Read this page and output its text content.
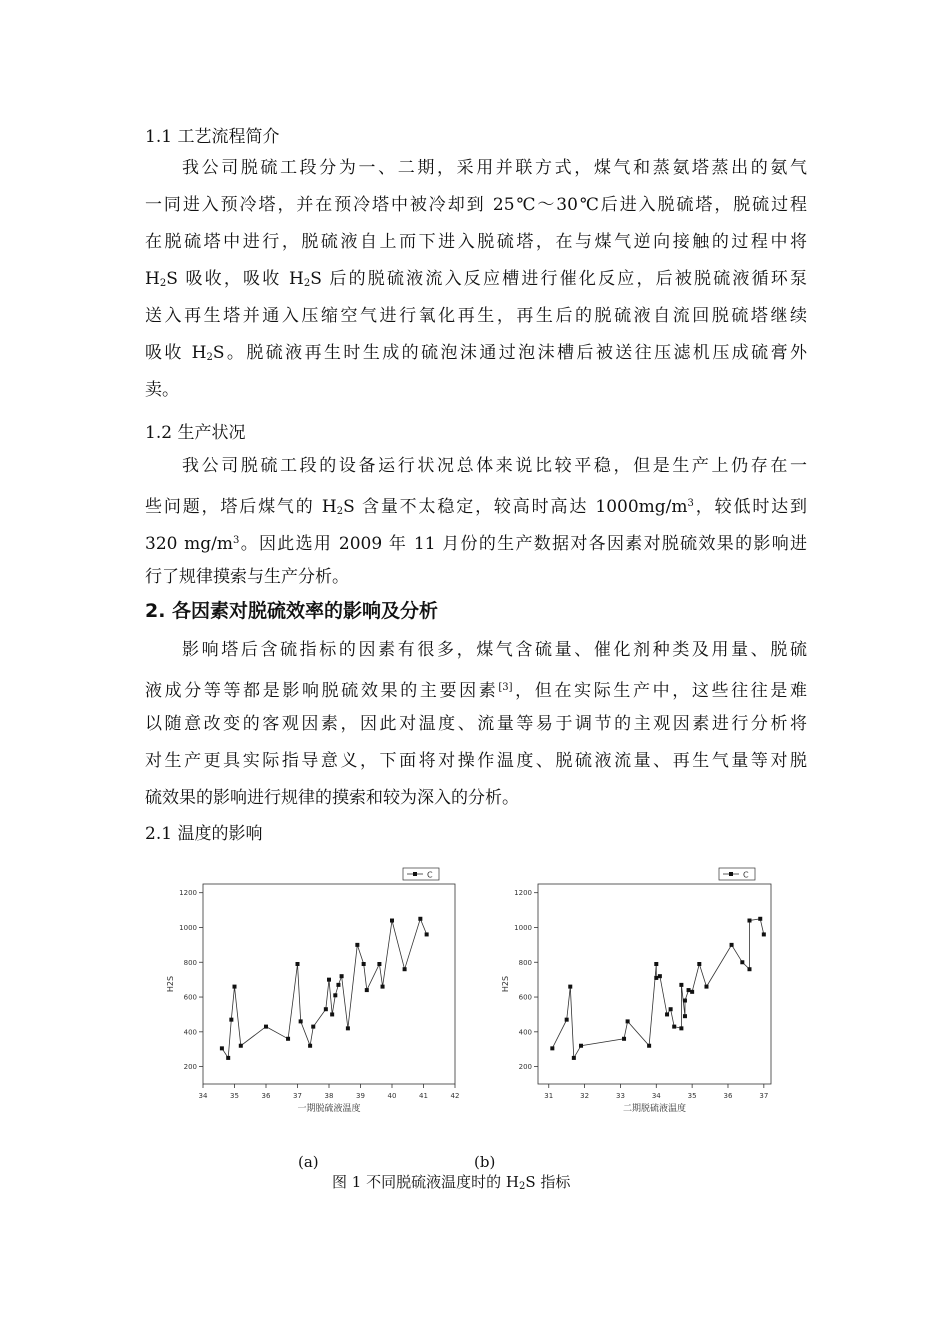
1.1 工艺流程简介
我公司脱硫工段分为一、二期，采用并联方式，煤气和蒸氨塔蒸出的氨气
一同进入预冷塔，并在预冷塔中被冷却到 25℃～30℃后进入脱硫塔，脱硫过程
在脱硫塔中进行，脱硫液自上而下进入脱硫塔，在与煤气逆向接触的过程中将
$H_2S$ 吸收，吸收 $H_2S$ 后的脱硫液流入反应槽进行催化反应，后被脱硫液循环泵
送入再生塔并通入压缩空气进行氧化再生，再生后的脱硫液自流回脱硫塔继续
吸收 $H_2S$。脱硫液再生时生成的硫泡沫通过泡沫槽后被送往压滤机压成硫膏外
卖。
1.2 生产状况
我公司脱硫工段的设备运行状况总体来说比较平稳，但是生产上仍存在一
些问题，塔后煤气的 $H_2S$ 含量不太稳定，较高时高达 $1000mg/m^3$，较低时达到
320 $mg/m^3$。因此选用 2009 年 11 月份的生产数据对各因素对脱硫效果的影响进
行了规律摸索与生产分析。
2. 各因素对脱硫效率的影响及分析
影响塔后含硫指标的因素有很多，煤气含硫量、催化剂种类及用量、脱硫
液成分等等都是影响脱硫效果的主要因素[3]，但在实际生产中，这些往往是难
以随意改变的客观因素，因此对温度、流量等易于调节的主观因素进行分析将
对生产更具实际指导意义，下面将对操作温度、脱硫液流量、再生气量等对脱
硫效果的影响进行规律的摸索和较为深入的分析。
2.1 温度的影响
34	35	36	37	38	39	40	41	42
200
400
600
800
1000
1200
一期脱硫液温度
H2S
C
31	32	33	34	35	36	37
200
400
600
800
1000
1200
二期脱硫液温度
H2S
C
(a)	(b)
图 1 不同脱硫液温度时的 $H_2S$ 指标
